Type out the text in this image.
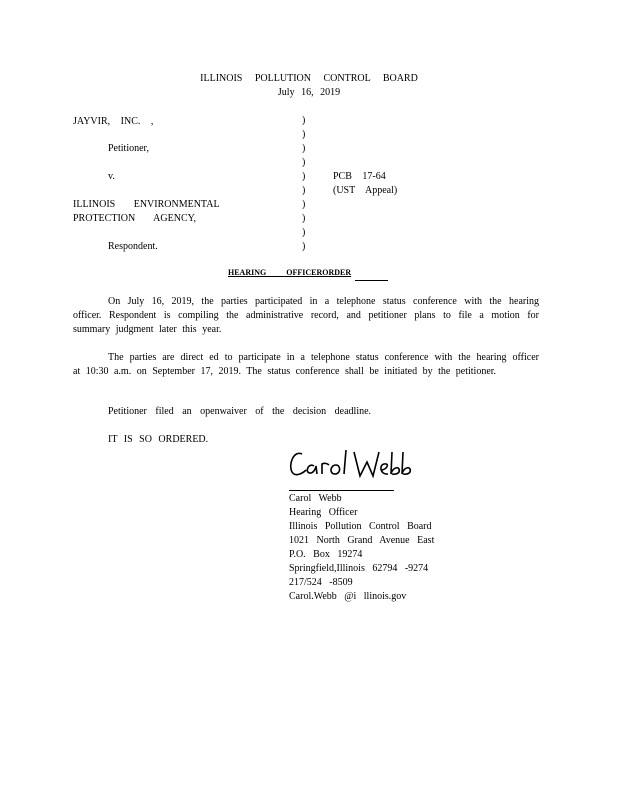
ILLINOIS POLLUTION CONTROL BOARD
July 16, 2019
JAYVIR, INC. ,
Petitioner,
v.
ILLINOIS ENVIRONMENTAL
PROTECTION AGENCY,
Respondent.
)
)
)
)
)
)
)
)
)
)
PCB 17-64
(UST Appeal)
HEARING OFFICERORDER
On July 16, 2019, the parties participated in a telephone status conference with the hearing officer. Respondent is compiling the administrative record, and petitioner plans to file a motion for summary judgment later this year.
The parties are direct ed to participate in a telephone status conference with the hearing officer at 10:30 a.m. on September 17, 2019. The status conference shall be initiated by the petitioner.
Petitioner filed an openwaiver of the decision deadline.
IT IS SO ORDERED.
Carol Webb
Hearing Officer
Illinois Pollution Control Board
1021 North Grand Avenue East
P.O. Box 19274
Springfield,Illinois 62794 -9274
217/524 -8509
Carol.Webb @i llinois.gov
